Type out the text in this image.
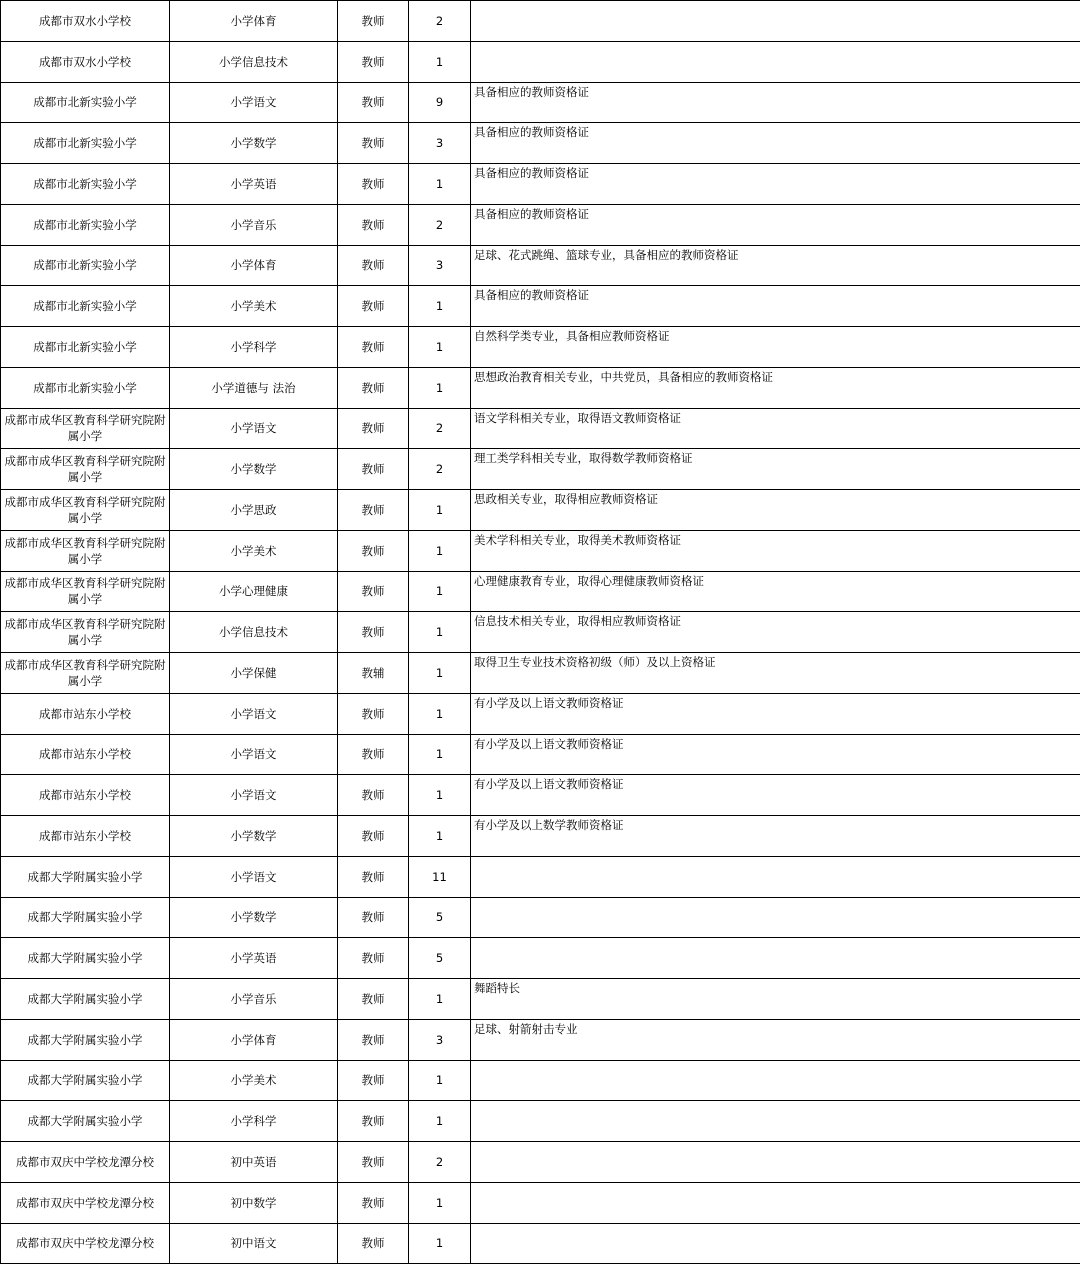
成都市双水小学校	小学体育	教师	2	
成都市双水小学校	小学信息技术	教师	1	
成都市北新实验小学	小学语文	教师	9	具备相应的教师资格证
成都市北新实验小学	小学数学	教师	3	具备相应的教师资格证
成都市北新实验小学	小学英语	教师	1	具备相应的教师资格证
成都市北新实验小学	小学音乐	教师	2	具备相应的教师资格证
成都市北新实验小学	小学体育	教师	3	足球、花式跳绳、篮球专业，具备相应的教师资格证
成都市北新实验小学	小学美术	教师	1	具备相应的教师资格证
成都市北新实验小学	小学科学	教师	1	自然科学类专业，具备相应教师资格证
成都市北新实验小学	小学道德与 法治	教师	1	思想政治教育相关专业，中共党员，具备相应的教师资格证
成都市成华区教育科学研究院附属小学	小学语文	教师	2	语文学科相关专业，取得语文教师资格证
成都市成华区教育科学研究院附属小学	小学数学	教师	2	理工类学科相关专业，取得数学教师资格证
成都市成华区教育科学研究院附属小学	小学思政	教师	1	思政相关专业，取得相应教师资格证
成都市成华区教育科学研究院附属小学	小学美术	教师	1	美术学科相关专业，取得美术教师资格证
成都市成华区教育科学研究院附属小学	小学心理健康	教师	1	心理健康教育专业，取得心理健康教师资格证
成都市成华区教育科学研究院附属小学	小学信息技术	教师	1	信息技术相关专业，取得相应教师资格证
成都市成华区教育科学研究院附属小学	小学保健	教辅	1	取得卫生专业技术资格初级（师）及以上资格证
成都市站东小学校	小学语文	教师	1	有小学及以上语文教师资格证
成都市站东小学校	小学语文	教师	1	有小学及以上语文教师资格证
成都市站东小学校	小学语文	教师	1	有小学及以上语文教师资格证
成都市站东小学校	小学数学	教师	1	有小学及以上数学教师资格证
成都大学附属实验小学	小学语文	教师	11	
成都大学附属实验小学	小学数学	教师	5	
成都大学附属实验小学	小学英语	教师	5	
成都大学附属实验小学	小学音乐	教师	1	舞蹈特长
成都大学附属实验小学	小学体育	教师	3	足球、射箭射击专业
成都大学附属实验小学	小学美术	教师	1	
成都大学附属实验小学	小学科学	教师	1	
成都市双庆中学校龙潭分校	初中英语	教师	2	
成都市双庆中学校龙潭分校	初中数学	教师	1	
成都市双庆中学校龙潭分校	初中语文	教师	1	
